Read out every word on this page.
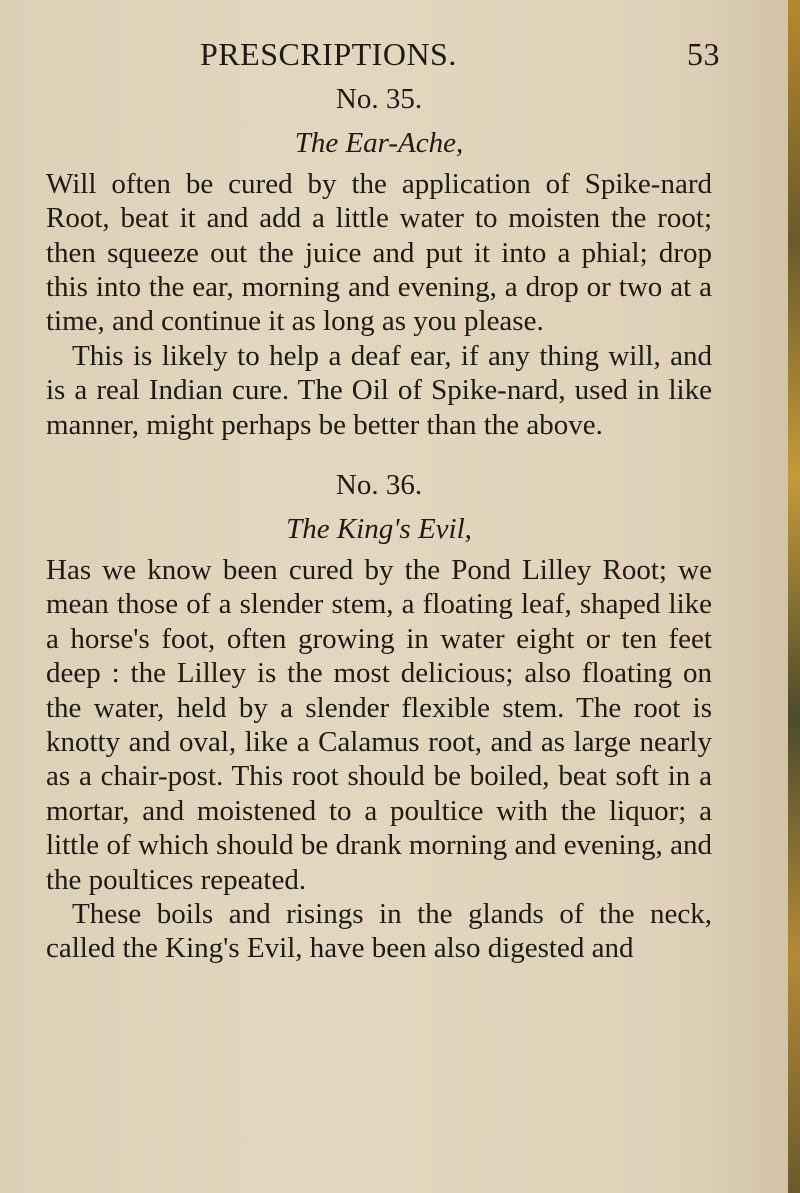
PRESCRIPTIONS.	53
No. 35.
The Ear-Ache,

Will often be cured by the application of Spike-nard Root, beat it and add a little water to moisten the root; then squeeze out the juice and put it into a phial; drop this into the ear, morning and evening, a drop or two at a time, and continue it as long as you please.

This is likely to help a deaf ear, if any thing will, and is a real Indian cure. The Oil of Spike-nard, used in like manner, might perhaps be better than the above.

No. 36.
The King's Evil,

Has we know been cured by the Pond Lilley Root; we mean those of a slender stem, a floating leaf, shaped like a horse's foot, often growing in water eight or ten feet deep : the Lilley is the most delicious; also floating on the water, held by a slender flexible stem. The root is knotty and oval, like a Calamus root, and as large nearly as a chair-post. This root should be boiled, beat soft in a mortar, and moistened to a poultice with the liquor; a little of which should be drank morning and evening, and the poultices repeated.

These boils and risings in the glands of the neck, called the King's Evil, have been also digested and
